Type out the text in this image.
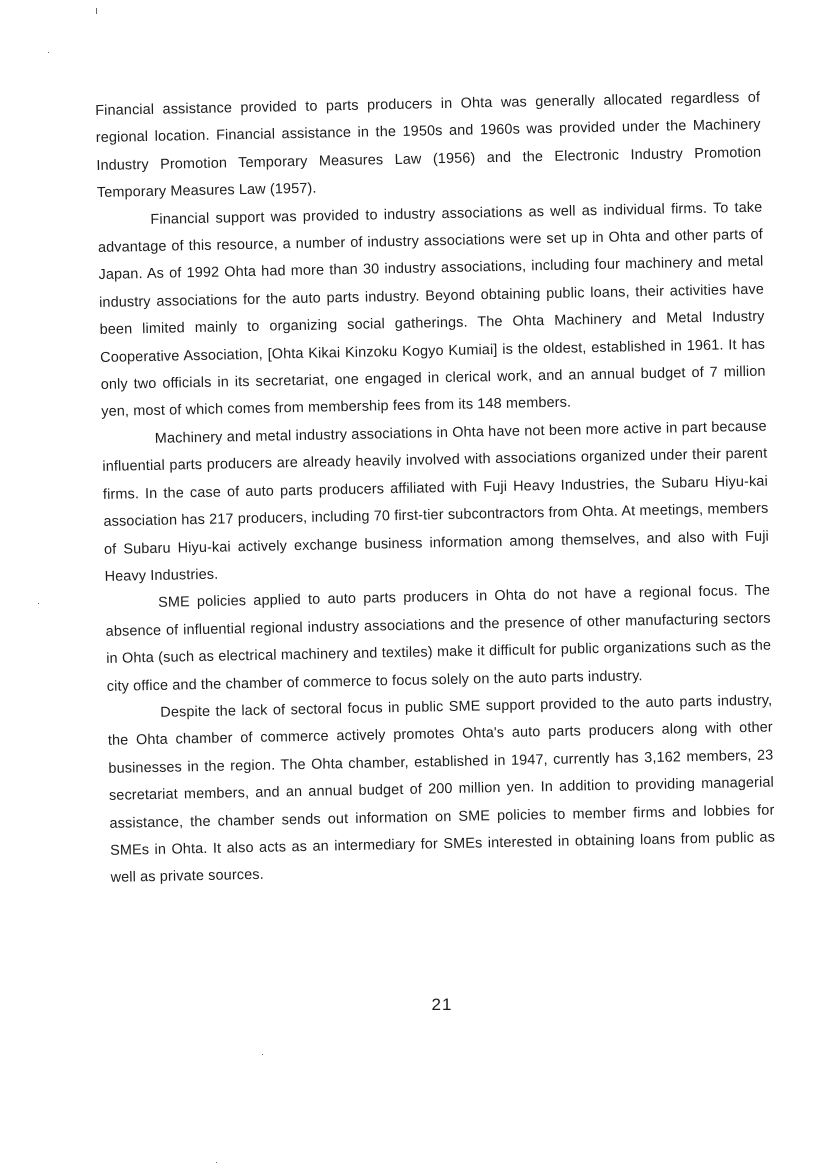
Financial assistance provided to parts producers in Ohta was generally allocated regardless of regional location. Financial assistance in the 1950s and 1960s was provided under the Machinery Industry Promotion Temporary Measures Law (1956) and the Electronic Industry Promotion Temporary Measures Law (1957).

Financial support was provided to industry associations as well as individual firms. To take advantage of this resource, a number of industry associations were set up in Ohta and other parts of Japan. As of 1992 Ohta had more than 30 industry associations, including four machinery and metal industry associations for the auto parts industry. Beyond obtaining public loans, their activities have been limited mainly to organizing social gatherings. The Ohta Machinery and Metal Industry Cooperative Association, [Ohta Kikai Kinzoku Kogyo Kumiai] is the oldest, established in 1961. It has only two officials in its secretariat, one engaged in clerical work, and an annual budget of 7 million yen, most of which comes from membership fees from its 148 members.

Machinery and metal industry associations in Ohta have not been more active in part because influential parts producers are already heavily involved with associations organized under their parent firms. In the case of auto parts producers affiliated with Fuji Heavy Industries, the Subaru Hiyu-kai association has 217 producers, including 70 first-tier subcontractors from Ohta. At meetings, members of Subaru Hiyu-kai actively exchange business information among themselves, and also with Fuji Heavy Industries.

SME policies applied to auto parts producers in Ohta do not have a regional focus. The absence of influential regional industry associations and the presence of other manufacturing sectors in Ohta (such as electrical machinery and textiles) make it difficult for public organizations such as the city office and the chamber of commerce to focus solely on the auto parts industry.

Despite the lack of sectoral focus in public SME support provided to the auto parts industry, the Ohta chamber of commerce actively promotes Ohta's auto parts producers along with other businesses in the region. The Ohta chamber, established in 1947, currently has 3,162 members, 23 secretariat members, and an annual budget of 200 million yen. In addition to providing managerial assistance, the chamber sends out information on SME policies to member firms and lobbies for SMEs in Ohta. It also acts as an intermediary for SMEs interested in obtaining loans from public as well as private sources.

21
